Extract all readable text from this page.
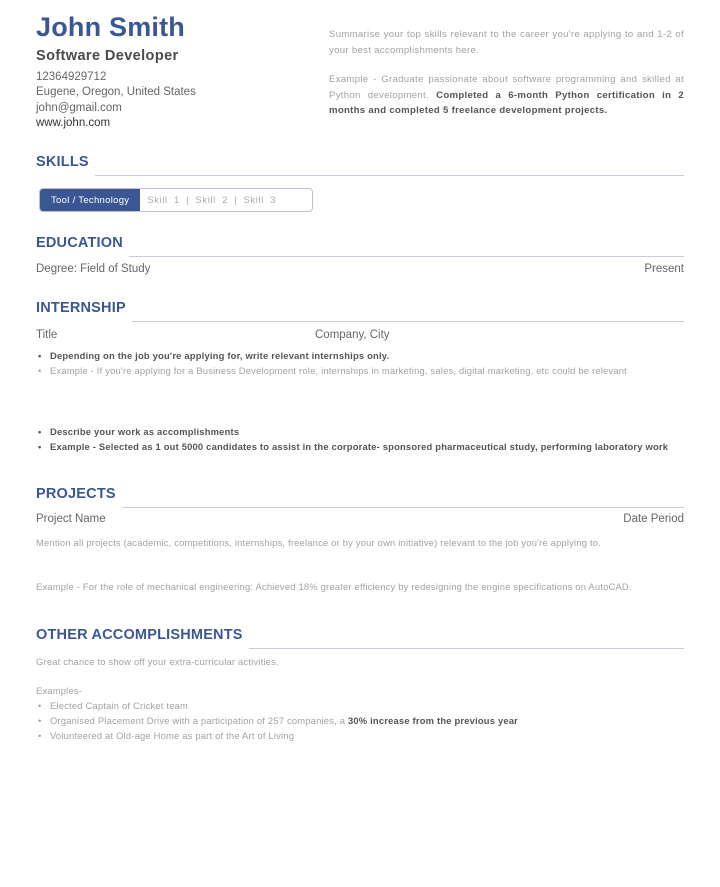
John Smith
Software Developer
12364929712
Eugene, Oregon, United States
john@gmail.com
www.john.com

Summarise your top skills relevant to the career you're applying to and 1-2 of your best accomplishments here.

Example - Graduate passionate about software programming and skilled at Python development. Completed a 6-month Python certification in 2 months and completed 5 freelance development projects.

SKILLS
Tool / Technology	Skill 1 | Skill 2 | Skill 3
EDUCATION
Degree: Field of Study	Present
INTERNSHIP
Title	Company, City
• Depending on the job you're applying for, write relevant internships only.
• Example - If you're applying for a Business Development role, internships in marketing, sales, digital marketing, etc could be relevant
• Describe your work as accomplishments
• Example - Selected as 1 out 5000 candidates to assist in the corporate- sponsored pharmaceutical study, performing laboratory work
PROJECTS
Project Name	Date Period
Mention all projects (academic, competitions, internships, freelance or by your own initiative) relevant to the job you're applying to.
Example - For the role of mechanical engineering: Achieved 18% greater efficiency by redesigning the engine specifications on AutoCAD.
OTHER ACCOMPLISHMENTS
Great chance to show off your extra-curricular activities.
Examples-
• Elected Captain of Cricket team
• Organised Placement Drive with a participation of 257 companies, a 30% increase from the previous year
• Volunteered at Old-age Home as part of the Art of Living
